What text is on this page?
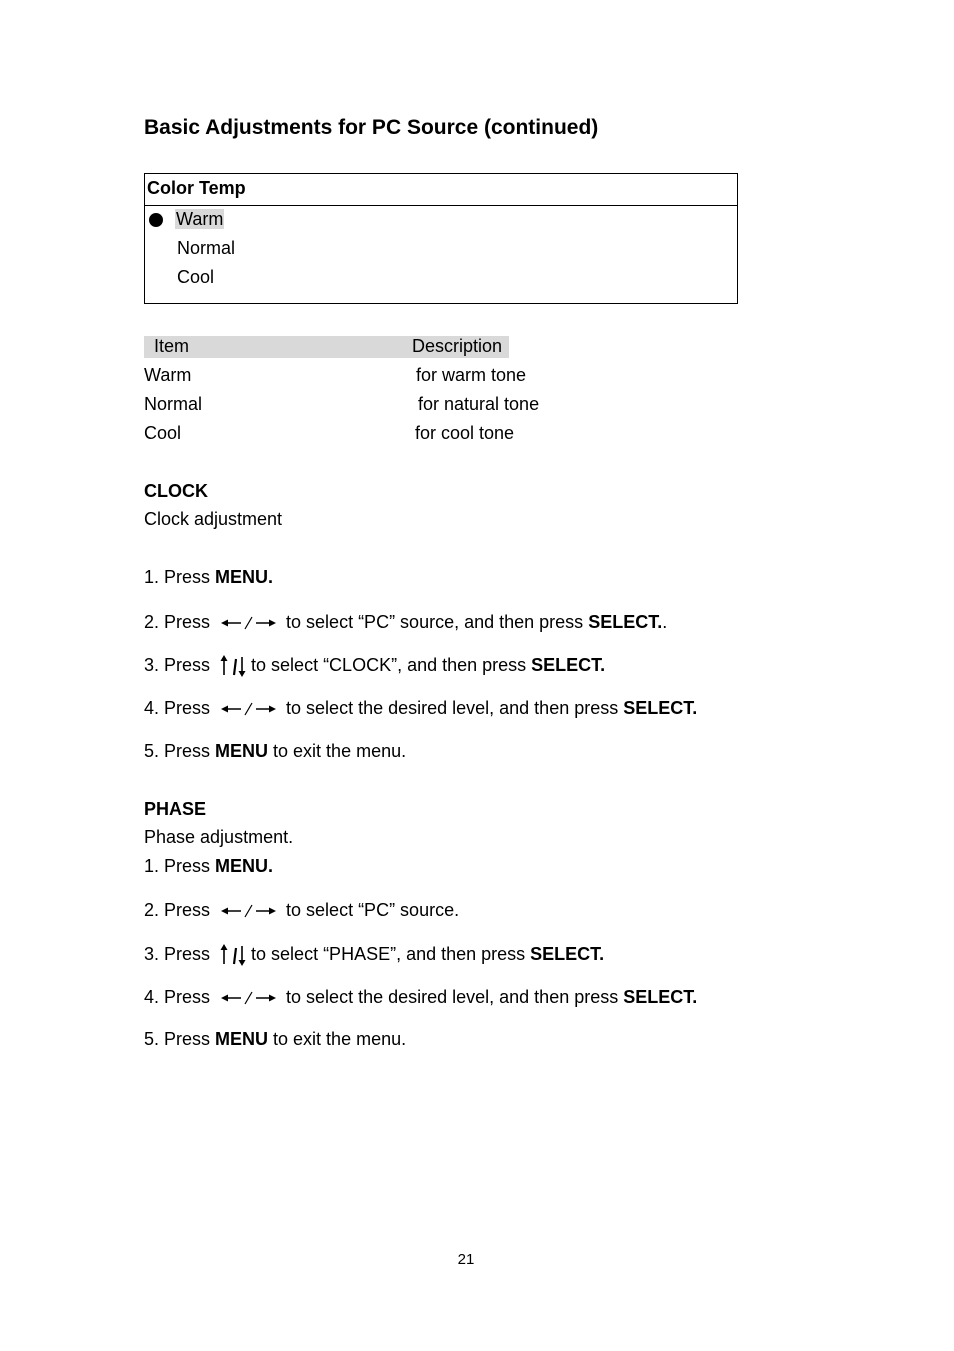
Basic Adjustments for PC Source (continued)
Color Temp
Warm
Normal
Cool
Item	Description
Warm	for warm tone
Normal	for natural tone
Cool	for cool tone
CLOCK
Clock adjustment
1. Press MENU.
2. Press	to select “PC” source, and then press SELECT..
3. Press to select “CLOCK”, and then press SELECT.
4. Press	to select the desired level, and then press SELECT.
5. Press MENU to exit the menu.
PHASE
Phase adjustment.
1. Press MENU.
2. Press	to select “PC” source.
3. Press to select “PHASE”, and then press SELECT.
4. Press	to select the desired level, and then press SELECT.
5. Press MENU to exit the menu.
21
